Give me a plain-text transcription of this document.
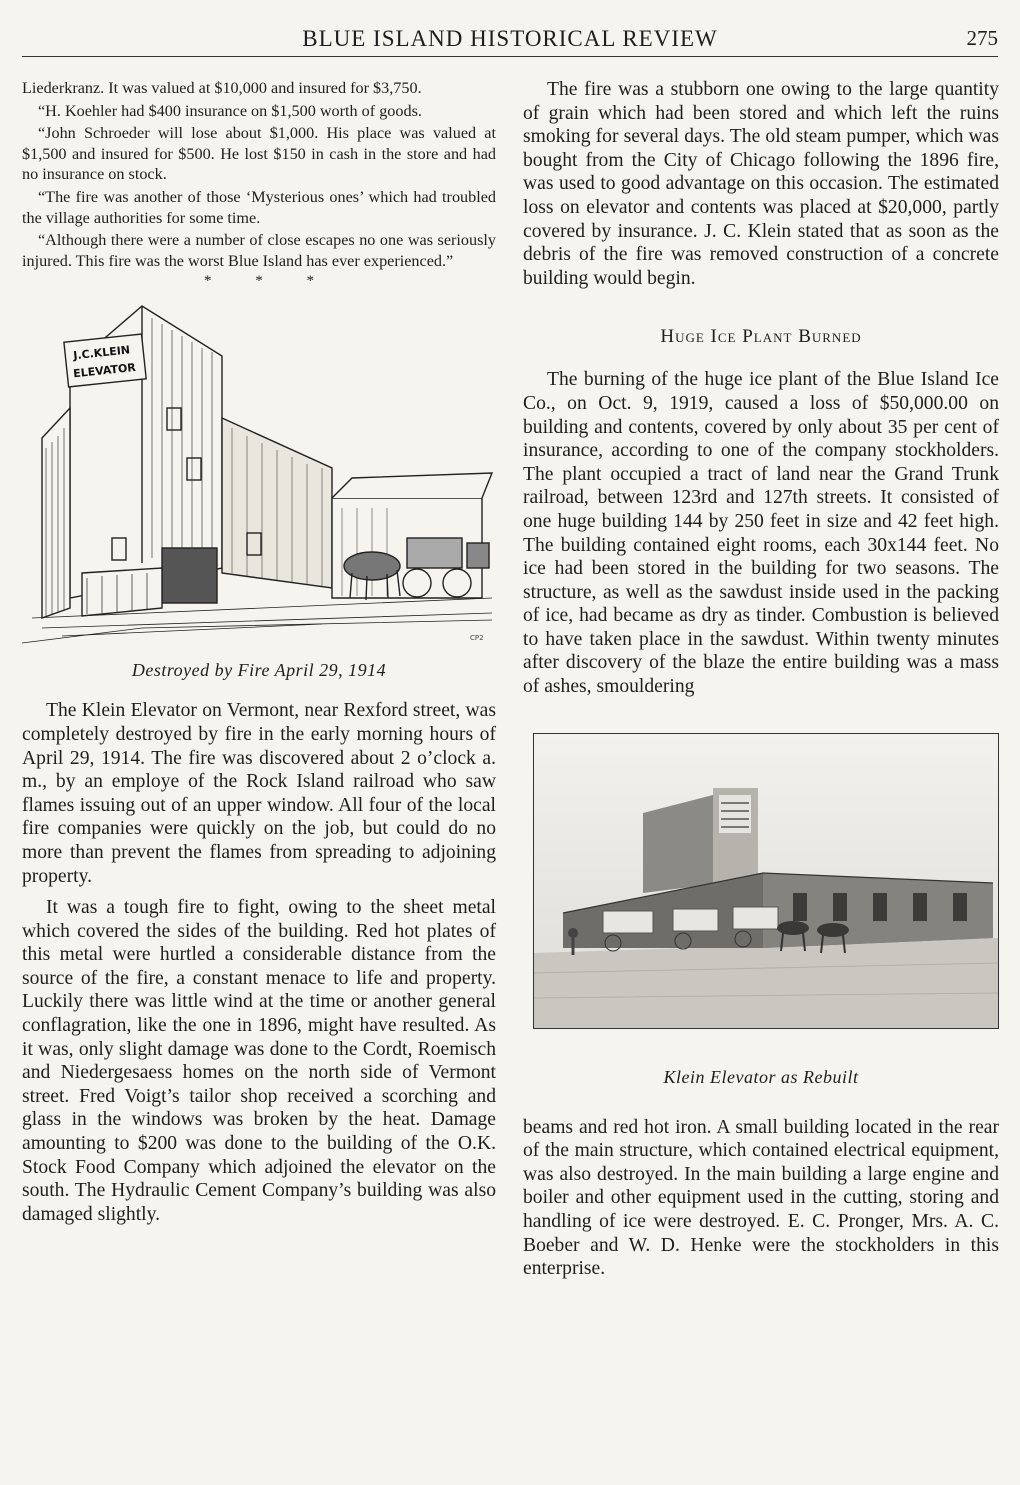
BLUE ISLAND HISTORICAL REVIEW	275

Liederkranz. It was valued at $10,000 and insured for $3,750.

“H. Koehler had $400 insurance on $1,500 worth of goods.

“John Schroeder will lose about $1,000. His place was valued at $1,500 and insured for $500. He lost $150 in cash in the store and had no insurance on stock.

“The fire was another of those ‘Mysterious ones’ which had troubled the village authorities for some time.

“Although there were a number of close escapes no one was seriously injured. This fire was the worst Blue Island has ever experienced.”

* * *
J.C.KLEIN
ELEVATOR
CP2
Destroyed by Fire April 29, 1914

The Klein Elevator on Vermont, near Rexford street, was completely destroyed by fire in the early morning hours of April 29, 1914. The fire was discovered about 2 o’clock a. m., by an employe of the Rock Island railroad who saw flames issuing out of an upper window. All four of the local fire companies were quickly on the job, but could do no more than prevent the flames from spreading to adjoining property.

It was a tough fire to fight, owing to the sheet metal which covered the sides of the building. Red hot plates of this metal were hurtled a considerable distance from the source of the fire, a constant menace to life and property. Luckily there was little wind at the time or another general conflagration, like the one in 1896, might have resulted. As it was, only slight damage was done to the Cordt, Roemisch and Niedergesaess homes on the north side of Vermont street. Fred Voigt’s tailor shop received a scorching and glass in the windows was broken by the heat. Damage amounting to $200 was done to the building of the O.K. Stock Food Company which adjoined the elevator on the south. The Hydraulic Cement Company’s building was also damaged slightly.

The fire was a stubborn one owing to the large quantity of grain which had been stored and which left the ruins smoking for several days. The old steam pumper, which was bought from the City of Chicago following the 1896 fire, was used to good advantage on this occasion. The estimated loss on elevator and contents was placed at $20,000, partly covered by insurance. J. C. Klein stated that as soon as the debris of the fire was removed construction of a concrete building would begin.

Huge Ice Plant Burned

The burning of the huge ice plant of the Blue Island Ice Co., on Oct. 9, 1919, caused a loss of $50,000.00 on building and contents, covered by only about 35 per cent of insurance, according to one of the company stockholders. The plant occupied a tract of land near the Grand Trunk railroad, between 123rd and 127th streets. It consisted of one huge building 144 by 250 feet in size and 42 feet high. The building contained eight rooms, each 30x144 feet. No ice had been stored in the building for two seasons. The structure, as well as the sawdust inside used in the packing of ice, had became as dry as tinder. Combustion is believed to have taken place in the sawdust. Within twenty minutes after discovery of the blaze the entire building was a mass of ashes, smouldering

Klein Elevator as Rebuilt

beams and red hot iron. A small building located in the rear of the main structure, which contained electrical equipment, was also destroyed. In the main building a large engine and boiler and other equipment used in the cutting, storing and handling of ice were destroyed. E. C. Pronger, Mrs. A. C. Boeber and W. D. Henke were the stockholders in this enterprise.
